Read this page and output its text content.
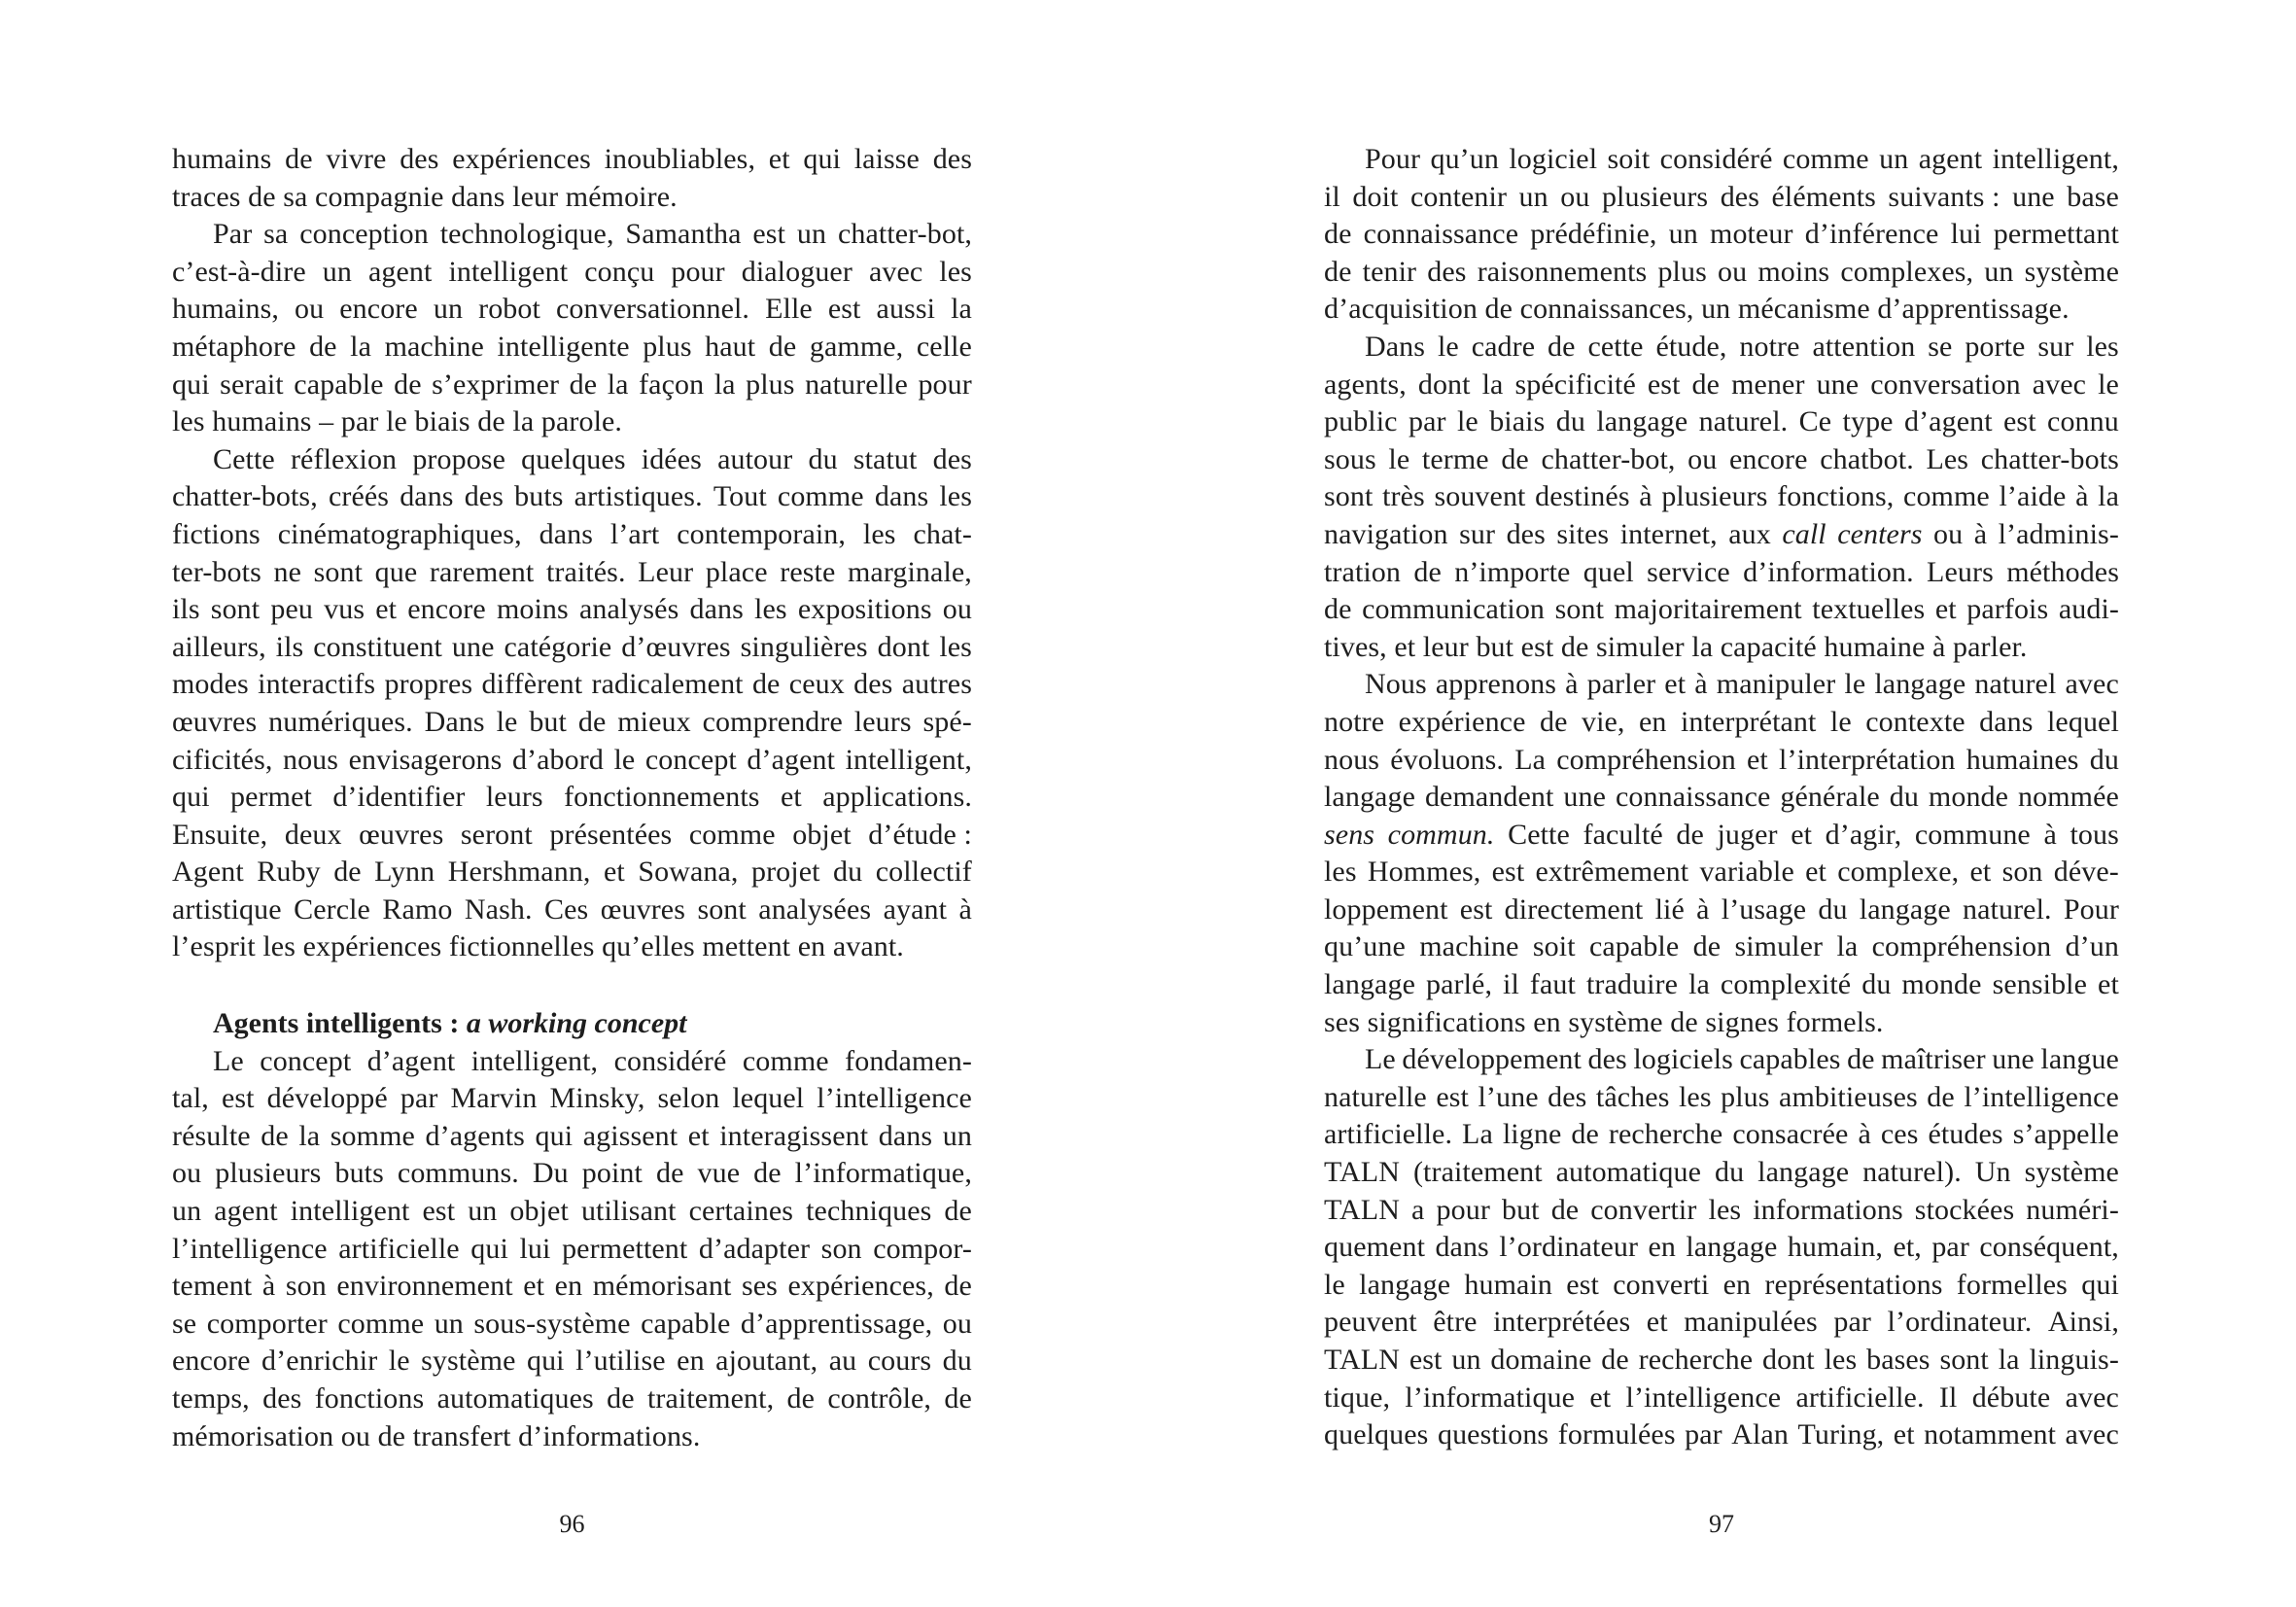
humains de vivre des expériences inoubliables, et qui laisse des
traces de sa compagnie dans leur mémoire.
Par sa conception technologique, Samantha est un chatter-bot,
c’est-à-dire un agent intelligent conçu pour dialoguer avec les
humains, ou encore un robot conversationnel. Elle est aussi la
métaphore de la machine intelligente plus haut de gamme, celle
qui serait capable de s’exprimer de la façon la plus naturelle pour
les humains – par le biais de la parole.
Cette réflexion propose quelques idées autour du statut des
chatter-bots, créés dans des buts artistiques. Tout comme dans les
fictions cinématographiques, dans l’art contemporain, les chat-
ter-bots ne sont que rarement traités. Leur place reste marginale,
ils sont peu vus et encore moins analysés dans les expositions ou
ailleurs, ils constituent une catégorie d’œuvres singulières dont les
modes interactifs propres diffèrent radicalement de ceux des autres
œuvres numériques. Dans le but de mieux comprendre leurs spé-
cificités, nous envisagerons d’abord le concept d’agent intelligent,
qui permet d’identifier leurs fonctionnements et applications.
Ensuite, deux œuvres seront présentées comme objet d’étude :
Agent Ruby de Lynn Hershmann, et Sowana, projet du collectif
artistique Cercle Ramo Nash. Ces œuvres sont analysées ayant à
l’esprit les expériences fictionnelles qu’elles mettent en avant.
Agents intelligents : a working concept
Le concept d’agent intelligent, considéré comme fondamen-
tal, est développé par Marvin Minsky, selon lequel l’intelligence
résulte de la somme d’agents qui agissent et interagissent dans un
ou plusieurs buts communs. Du point de vue de l’informatique,
un agent intelligent est un objet utilisant certaines techniques de
l’intelligence artificielle qui lui permettent d’adapter son compor-
tement à son environnement et en mémorisant ses expériences, de
se comporter comme un sous-système capable d’apprentissage, ou
encore d’enrichir le système qui l’utilise en ajoutant, au cours du
temps, des fonctions automatiques de traitement, de contrôle, de
mémorisation ou de transfert d’informations.
Pour qu’un logiciel soit considéré comme un agent intelligent,
il doit contenir un ou plusieurs des éléments suivants : une base
de connaissance prédéfinie, un moteur d’inférence lui permettant
de tenir des raisonnements plus ou moins complexes, un système
d’acquisition de connaissances, un mécanisme d’apprentissage.
Dans le cadre de cette étude, notre attention se porte sur les
agents, dont la spécificité est de mener une conversation avec le
public par le biais du langage naturel. Ce type d’agent est connu
sous le terme de chatter-bot, ou encore chatbot. Les chatter-bots
sont très souvent destinés à plusieurs fonctions, comme l’aide à la
navigation sur des sites internet, aux call centers ou à l’adminis-
tration de n’importe quel service d’information. Leurs méthodes
de communication sont majoritairement textuelles et parfois audi-
tives, et leur but est de simuler la capacité humaine à parler.
Nous apprenons à parler et à manipuler le langage naturel avec
notre expérience de vie, en interprétant le contexte dans lequel
nous évoluons. La compréhension et l’interprétation humaines du
langage demandent une connaissance générale du monde nommée
sens commun. Cette faculté de juger et d’agir, commune à tous
les Hommes, est extrêmement variable et complexe, et son déve-
loppement est directement lié à l’usage du langage naturel. Pour
qu’une machine soit capable de simuler la compréhension d’un
langage parlé, il faut traduire la complexité du monde sensible et
ses significations en système de signes formels.
Le développement des logiciels capables de maîtriser une langue
naturelle est l’une des tâches les plus ambitieuses de l’intelligence
artificielle. La ligne de recherche consacrée à ces études s’appelle
TALN (traitement automatique du langage naturel). Un système
TALN a pour but de convertir les informations stockées numéri-
quement dans l’ordinateur en langage humain, et, par conséquent,
le langage humain est converti en représentations formelles qui
peuvent être interprétées et manipulées par l’ordinateur. Ainsi,
TALN est un domaine de recherche dont les bases sont la linguis-
tique, l’informatique et l’intelligence artificielle. Il débute avec
quelques questions formulées par Alan Turing, et notamment avec
96	97
